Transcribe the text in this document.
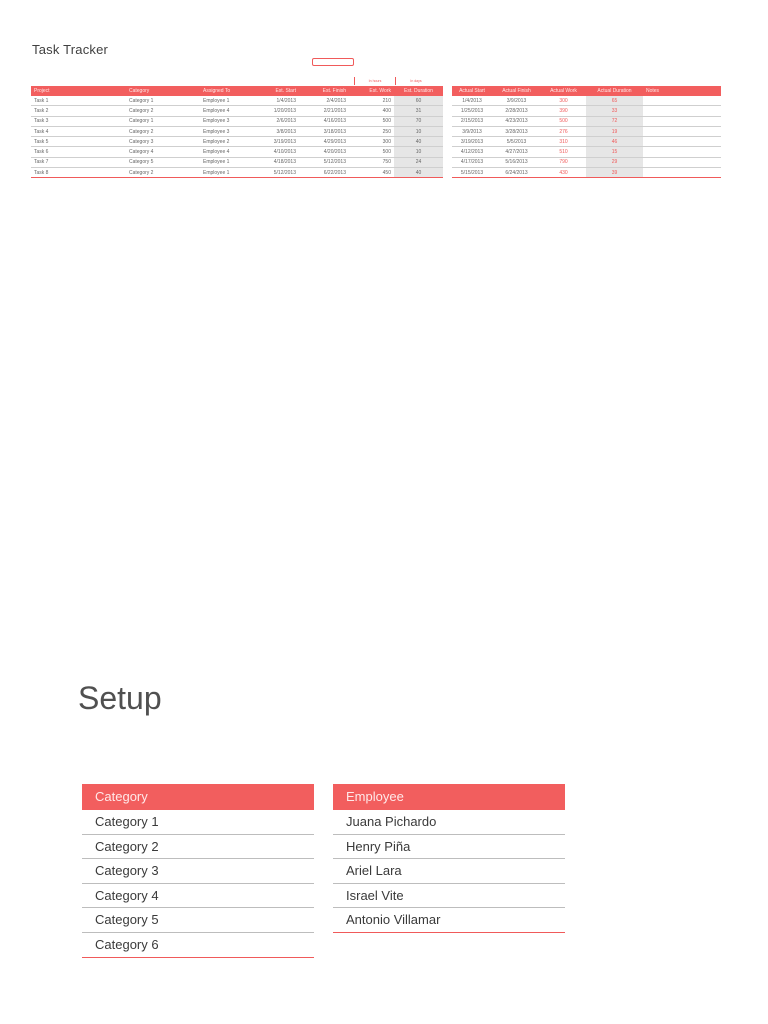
Task Tracker
In hours	In days
Project	Category	Assigned To	Est. Start	Est. Finish	Est. Work	Est. Duration
Task 1	Category 1	Employee 1	1/4/2013	2/4/2013	210	60
Task 2	Category 2	Employee 4	1/20/2013	2/21/2013	400	31
Task 3	Category 1	Employee 3	2/6/2013	4/16/2013	500	70
Task 4	Category 2	Employee 3	3/8/2013	3/18/2013	250	10
Task 5	Category 3	Employee 2	3/19/2013	4/29/2013	300	40
Task 6	Category 4	Employee 4	4/10/2013	4/20/2013	500	10
Task 7	Category 5	Employee 1	4/18/2013	5/12/2013	750	24
Task 8	Category 2	Employee 1	5/12/2013	6/22/2013	450	40
Actual Start	Actual Finish	Actual Work	Actual Duration	Notes
1/4/2013	3/9/2013	300	65	
1/25/2013	2/28/2013	390	33	
2/15/2013	4/23/2013	500	72	
3/9/2013	3/28/2013	276	19	
3/19/2013	5/5/2013	310	46	
4/12/2013	4/27/2013	510	15	
4/17/2013	5/16/2013	790	29	
5/15/2013	6/24/2013	430	39	
Setup
Category
Category 1
Category 2
Category 3
Category 4
Category 5
Category 6
Employee
Juana Pichardo
Henry Piña
Ariel Lara
Israel Vite
Antonio Villamar
